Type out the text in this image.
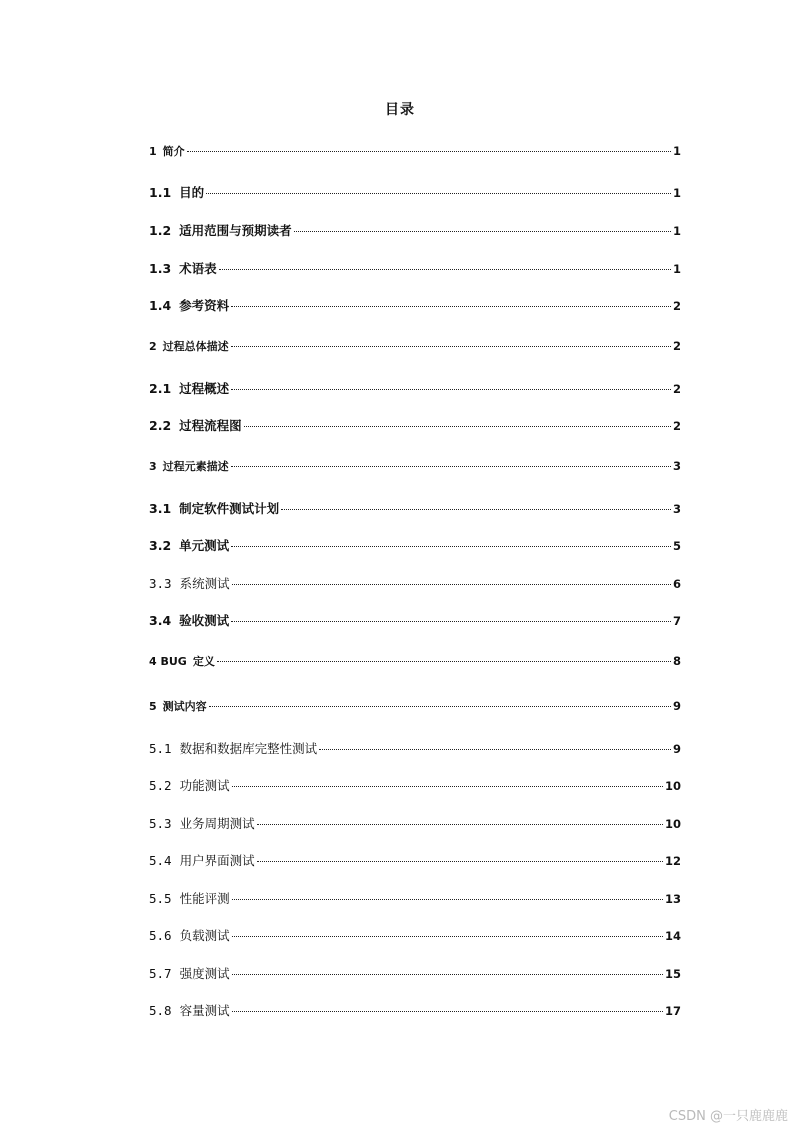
目录
1 简介	1
1.1 目的	1
1.2 适用范围与预期读者	1
1.3 术语表	1
1.4 参考资料	2
2 过程总体描述	2
2.1 过程概述	2
2.2 过程流程图	2
3 过程元素描述	3
3.1 制定软件测试计划	3
3.2 单元测试	5
3.3 系统测试	6
3.4 验收测试	7
4 BUG 定义	8
5 测试内容	9
5.1 数据和数据库完整性测试	9
5.2 功能测试	10
5.3 业务周期测试	10
5.4 用户界面测试	12
5.5 性能评测	13
5.6 负载测试	14
5.7 强度测试	15
5.8 容量测试	17
CSDN @一只鹿鹿鹿
